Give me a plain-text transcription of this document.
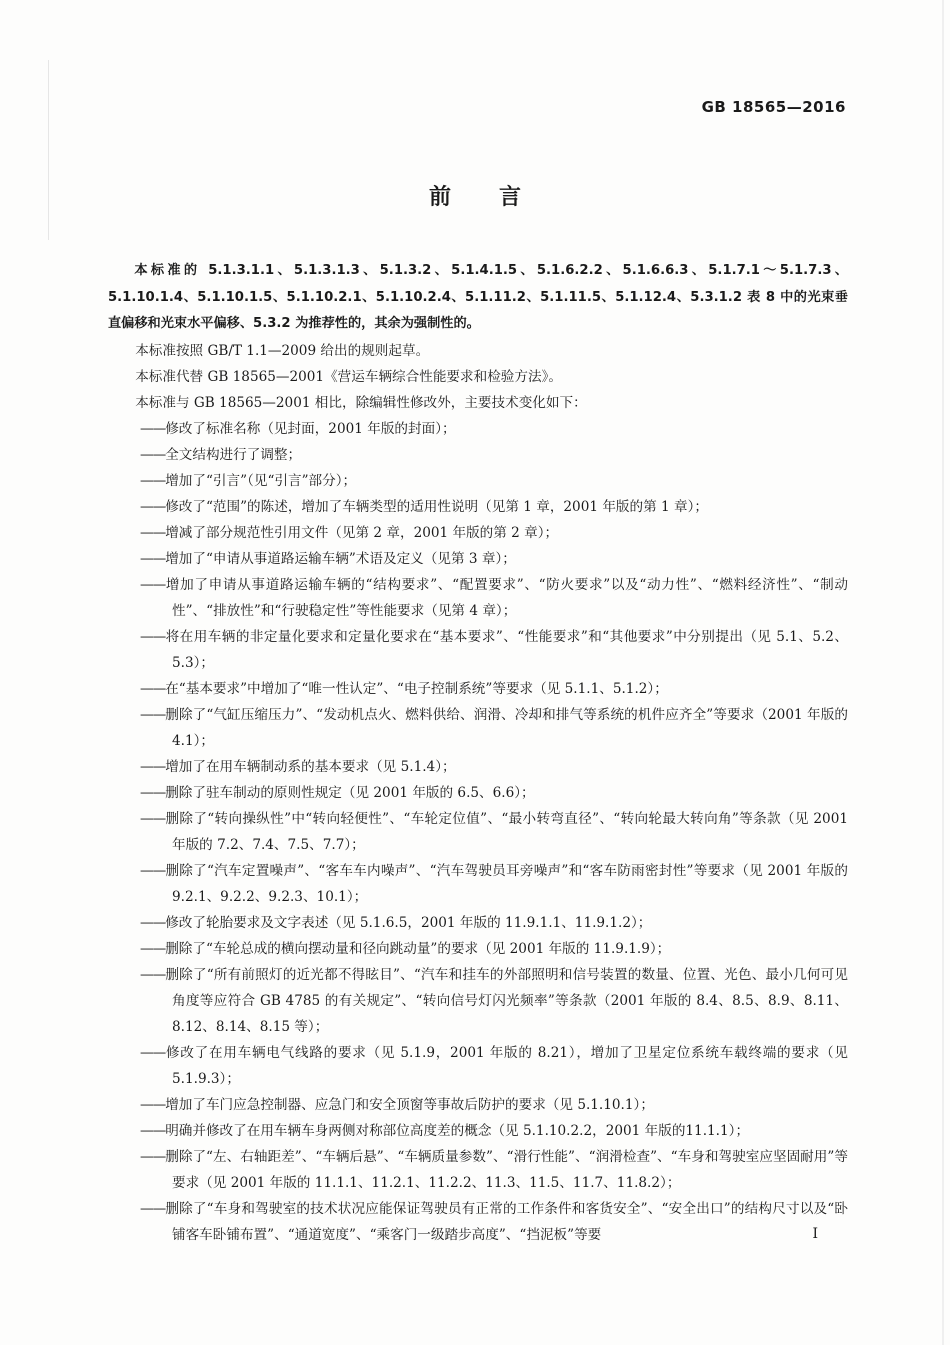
GB 18565—2016
前言

本标准的 5.1.3.1.1、5.1.3.1.3、5.1.3.2、5.1.4.1.5、5.1.6.2.2、5.1.6.6.3、5.1.7.1～5.1.7.3、5.1.10.1.4、5.1.10.1.5、5.1.10.2.1、5.1.10.2.4、5.1.11.2、5.1.11.5、5.1.12.4、5.3.1.2 表 8 中的光束垂直偏移和光束水平偏移、5.3.2 为推荐性的，其余为强制性的。

本标准按照 GB/T 1.1—2009 给出的规则起草。

本标准代替 GB 18565—2001《营运车辆综合性能要求和检验方法》。

本标准与 GB 18565—2001 相比，除编辑性修改外，主要技术变化如下：

——修改了标准名称（见封面，2001 年版的封面）；

——全文结构进行了调整；

——增加了“引言”（见“引言”部分）；

——修改了“范围”的陈述，增加了车辆类型的适用性说明（见第 1 章，2001 年版的第 1 章）；

——增减了部分规范性引用文件（见第 2 章，2001 年版的第 2 章）；

——增加了“申请从事道路运输车辆”术语及定义（见第 3 章）；

——增加了申请从事道路运输车辆的“结构要求”、“配置要求”、“防火要求”以及“动力性”、“燃料经济性”、“制动性”、“排放性”和“行驶稳定性”等性能要求（见第 4 章）；

——将在用车辆的非定量化要求和定量化要求在“基本要求”、“性能要求”和“其他要求”中分别提出（见 5.1、5.2、5.3）；

——在“基本要求”中增加了“唯一性认定”、“电子控制系统”等要求（见 5.1.1、5.1.2）；

——删除了“气缸压缩压力”、“发动机点火、燃料供给、润滑、冷却和排气等系统的机件应齐全”等要求（2001 年版的 4.1）；

——增加了在用车辆制动系的基本要求（见 5.1.4）；

——删除了驻车制动的原则性规定（见 2001 年版的 6.5、6.6）；

——删除了“转向操纵性”中“转向轻便性”、“车轮定位值”、“最小转弯直径”、“转向轮最大转向角”等条款（见 2001 年版的 7.2、7.4、7.5、7.7）；

——删除了“汽车定置噪声”、“客车车内噪声”、“汽车驾驶员耳旁噪声”和“客车防雨密封性”等要求（见 2001 年版的 9.2.1、9.2.2、9.2.3、10.1）；

——修改了轮胎要求及文字表述（见 5.1.6.5，2001 年版的 11.9.1.1、11.9.1.2）；

——删除了“车轮总成的横向摆动量和径向跳动量”的要求（见 2001 年版的 11.9.1.9）；

——删除了“所有前照灯的近光都不得眩目”、“汽车和挂车的外部照明和信号装置的数量、位置、光色、最小几何可见角度等应符合 GB 4785 的有关规定”、“转向信号灯闪光频率”等条款（2001 年版的 8.4、8.5、8.9、8.11、8.12、8.14、8.15 等）；

——修改了在用车辆电气线路的要求（见 5.1.9，2001 年版的 8.21），增加了卫星定位系统车载终端的要求（见 5.1.9.3）；

——增加了车门应急控制器、应急门和安全顶窗等事故后防护的要求（见 5.1.10.1）；

——明确并修改了在用车辆车身两侧对称部位高度差的概念（见 5.1.10.2.2，2001 年版的11.1.1）；

——删除了“左、右轴距差”、“车辆后悬”、“车辆质量参数”、“滑行性能”、“润滑检查”、“车身和驾驶室应坚固耐用”等要求（见 2001 年版的 11.1.1、11.2.1、11.2.2、11.3、11.5、11.7、11.8.2）；

——删除了“车身和驾驶室的技术状况应能保证驾驶员有正常的工作条件和客货安全”、“安全出口”的结构尺寸以及“卧铺客车卧铺布置”、“通道宽度”、“乘客门一级踏步高度”、“挡泥板”等要	I
